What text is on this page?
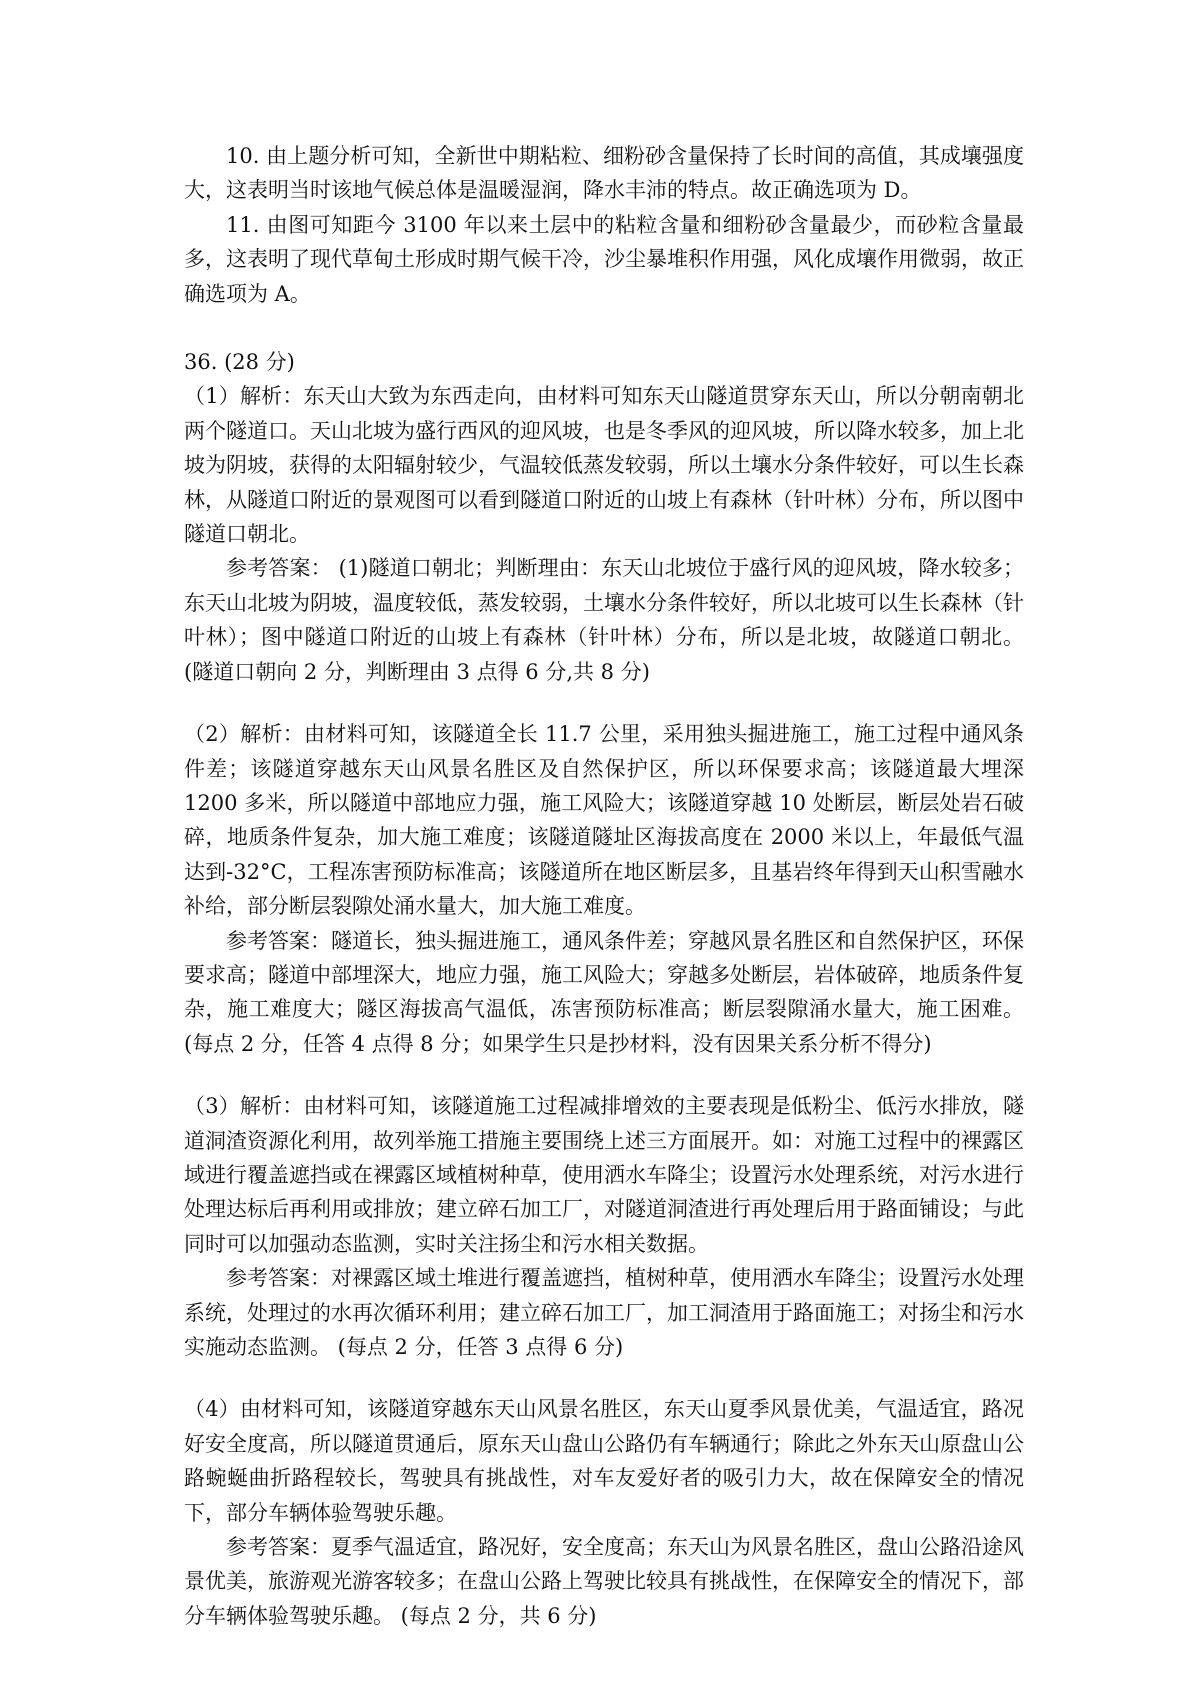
10. 由上题分析可知，全新世中期粘粒、细粉砂含量保持了长时间的高值，其成壤强度大，这表明当时该地气候总体是温暖湿润，降水丰沛的特点。故正确选项为 D。

11. 由图可知距今 3100 年以来土层中的粘粒含量和细粉砂含量最少，而砂粒含量最多，这表明了现代草甸土形成时期气候干冷，沙尘暴堆积作用强，风化成壤作用微弱，故正确选项为 A。

36. (28 分)

（1）解析：东天山大致为东西走向，由材料可知东天山隧道贯穿东天山，所以分朝南朝北两个隧道口。天山北坡为盛行西风的迎风坡，也是冬季风的迎风坡，所以降水较多，加上北坡为阴坡，获得的太阳辐射较少，气温较低蒸发较弱，所以土壤水分条件较好，可以生长森林，从隧道口附近的景观图可以看到隧道口附近的山坡上有森林（针叶林）分布，所以图中隧道口朝北。

参考答案： (1)隧道口朝北；判断理由：东天山北坡位于盛行风的迎风坡，降水较多；东天山北坡为阴坡，温度较低，蒸发较弱，土壤水分条件较好，所以北坡可以生长森林（针叶林）；图中隧道口附近的山坡上有森林（针叶林）分布，所以是北坡，故隧道口朝北。 (隧道口朝向 2 分，判断理由 3 点得 6 分,共 8 分)

（2）解析：由材料可知，该隧道全长 11.7 公里，采用独头掘进施工，施工过程中通风条件差；该隧道穿越东天山风景名胜区及自然保护区，所以环保要求高；该隧道最大埋深 1200 多米，所以隧道中部地应力强，施工风险大；该隧道穿越 10 处断层，断层处岩石破碎，地质条件复杂，加大施工难度；该隧道隧址区海拔高度在 2000 米以上，年最低气温达到-32°C，工程冻害预防标准高；该隧道所在地区断层多，且基岩终年得到天山积雪融水补给，部分断层裂隙处涌水量大，加大施工难度。

参考答案：隧道长，独头掘进施工，通风条件差；穿越风景名胜区和自然保护区，环保要求高；隧道中部埋深大，地应力强，施工风险大；穿越多处断层，岩体破碎，地质条件复杂，施工难度大；隧区海拔高气温低，冻害预防标准高；断层裂隙涌水量大，施工困难。 (每点 2 分，任答 4 点得 8 分；如果学生只是抄材料，没有因果关系分析不得分)

（3）解析：由材料可知，该隧道施工过程减排增效的主要表现是低粉尘、低污水排放，隧道洞渣资源化利用，故列举施工措施主要围绕上述三方面展开。如：对施工过程中的裸露区域进行覆盖遮挡或在裸露区域植树种草，使用洒水车降尘；设置污水处理系统，对污水进行处理达标后再利用或排放；建立碎石加工厂，对隧道洞渣进行再处理后用于路面铺设；与此同时可以加强动态监测，实时关注扬尘和污水相关数据。

参考答案：对裸露区域土堆进行覆盖遮挡，植树种草，使用洒水车降尘；设置污水处理系统，处理过的水再次循环利用；建立碎石加工厂，加工洞渣用于路面施工；对扬尘和污水实施动态监测。 (每点 2 分，任答 3 点得 6 分)

（4）由材料可知，该隧道穿越东天山风景名胜区，东天山夏季风景优美，气温适宜，路况好安全度高，所以隧道贯通后，原东天山盘山公路仍有车辆通行；除此之外东天山原盘山公路蜿蜒曲折路程较长，驾驶具有挑战性，对车友爱好者的吸引力大，故在保障安全的情况下，部分车辆体验驾驶乐趣。

参考答案：夏季气温适宜，路况好，安全度高；东天山为风景名胜区，盘山公路沿途风景优美，旅游观光游客较多；在盘山公路上驾驶比较具有挑战性，在保障安全的情况下，部分车辆体验驾驶乐趣。 (每点 2 分，共 6 分)
